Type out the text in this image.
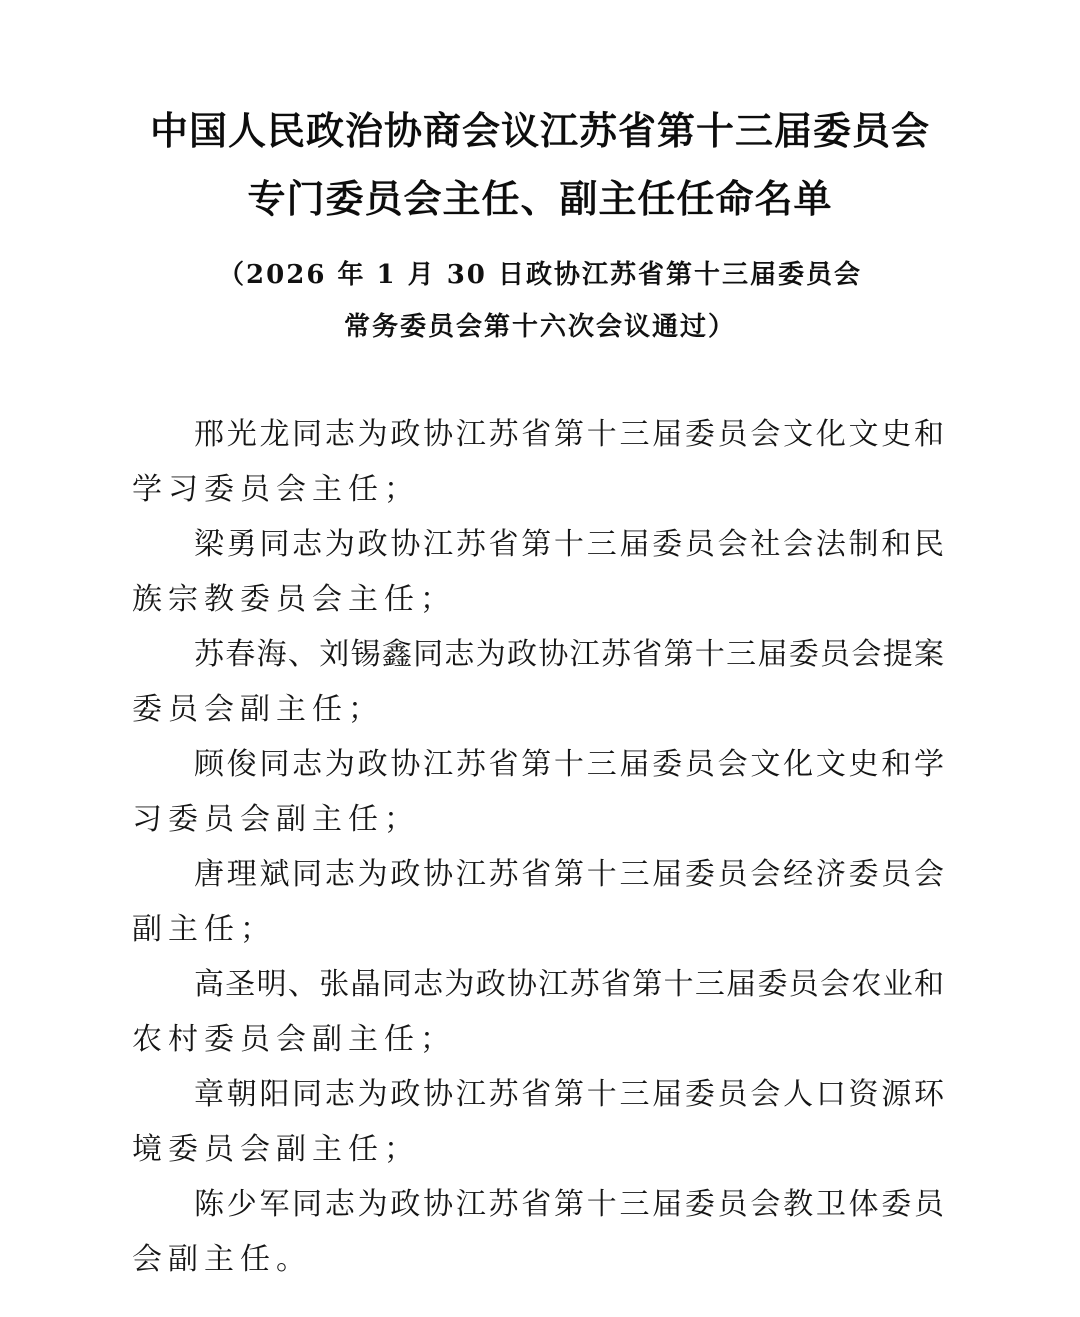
中国人民政治协商会议江苏省第十三届委员会
专门委员会主任、副主任任命名单
（2026 年 1 月 30 日政协江苏省第十三届委员会
常务委员会第十六次会议通过）

邢光龙同志为政协江苏省第十三届委员会文化文史和
学习委员会主任；

梁勇同志为政协江苏省第十三届委员会社会法制和民
族宗教委员会主任；

苏春海、刘锡鑫同志为政协江苏省第十三届委员会提案
委员会副主任；

顾俊同志为政协江苏省第十三届委员会文化文史和学
习委员会副主任；

唐理斌同志为政协江苏省第十三届委员会经济委员会
副主任；

高圣明、张晶同志为政协江苏省第十三届委员会农业和
农村委员会副主任；

章朝阳同志为政协江苏省第十三届委员会人口资源环
境委员会副主任；

陈少军同志为政协江苏省第十三届委员会教卫体委员
会副主任。
